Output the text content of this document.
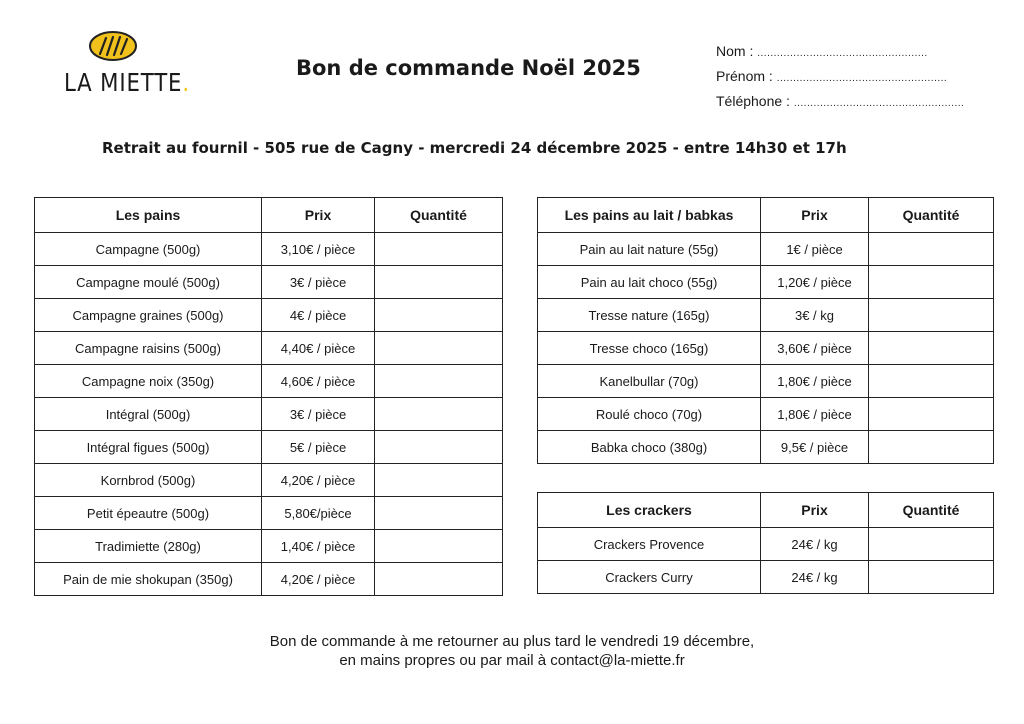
LA MIETTE.	Bon de commande Noël 2025
Nom : ....................................................
Prénom : ....................................................
Téléphone : ....................................................
Retrait au fournil - 505 rue de Cagny - mercredi 24 décembre 2025 - entre 14h30 et 17h
Les pains	Prix	Quantité
Campagne (500g)	3,10€ / pièce	
Campagne moulé (500g)	3€ / pièce	
Campagne graines (500g)	4€ / pièce	
Campagne raisins (500g)	4,40€ / pièce	
Campagne noix (350g)	4,60€ / pièce	
Intégral (500g)	3€ / pièce	
Intégral figues (500g)	5€ / pièce	
Kornbrod (500g)	4,20€ / pièce	
Petit épeautre (500g)	5,80€/pièce	
Tradimiette (280g)	1,40€ / pièce	
Pain de mie shokupan (350g)	4,20€ / pièce	
Les pains au lait / babkas	Prix	Quantité
Pain au lait nature (55g)	1€ / pièce	
Pain au lait choco (55g)	1,20€ / pièce	
Tresse nature (165g)	3€ / kg	
Tresse choco (165g)	3,60€ / pièce	
Kanelbullar (70g)	1,80€ / pièce	
Roulé choco (70g)	1,80€ / pièce	
Babka choco (380g)	9,5€ / pièce	
Les crackers	Prix	Quantité
Crackers Provence	24€ / kg	
Crackers Curry	24€ / kg	
Bon de commande à me retourner au plus tard le vendredi 19 décembre,
en mains propres ou par mail à contact@la-miette.fr
